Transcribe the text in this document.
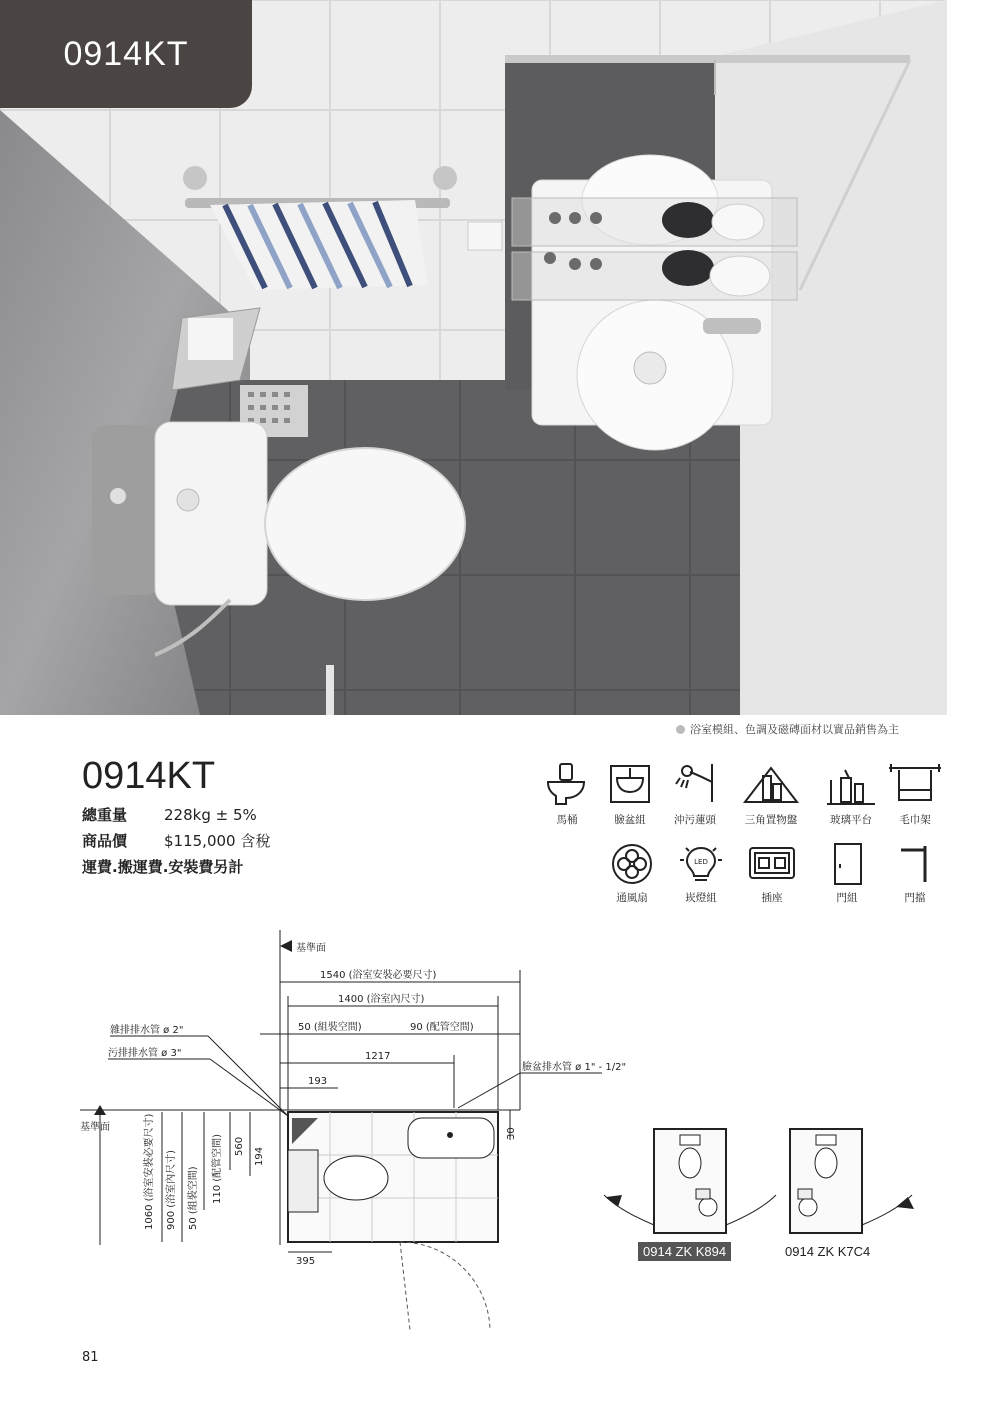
0914KT
浴室模組、色調及磁磚面材以實品銷售為主
0914KT
總重量	228kg ± 5%
商品價	$115,000 含稅
運費.搬運費.安裝費另計
馬桶	臉盆組	沖污蓮頭	三角置物盤	玻璃平台	毛巾架
通風扇
LED
崁燈組	插座	門組	門擋
基準面
1540 (浴室安裝必要尺寸)
1400 (浴室內尺寸)
50 (組裝空間)	90 (配管空間)
1217
193
雜排排水管 ø 2"
污排排水管 ø 3"
臉盆排水管 ø 1" - 1/2"
基準面	1060 (浴室安裝必要尺寸) 900 (浴室內尺寸) 50 (組裝空間) 110 (配管空間) 560
194
30
395
0914 ZK K894	0914 ZK K7C4
81
